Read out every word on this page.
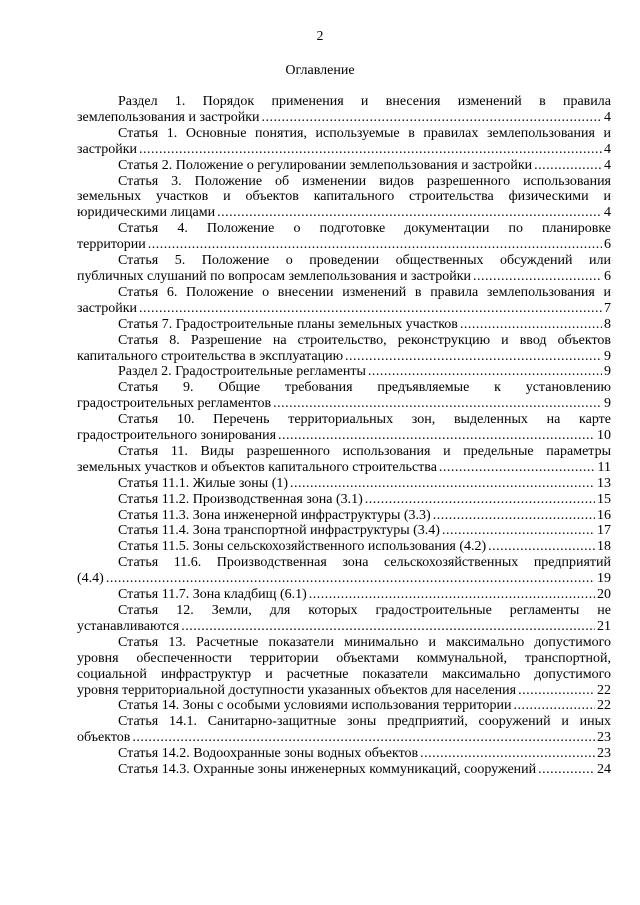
2
Оглавление
Раздел 1. Порядок применения и внесения изменений в правила
землепользования и застройки .....	4
Статья 1. Основные понятия, используемые в правилах землепользования и
застройки .....	4
Статья 2. Положение о регулировании землепользования и застройки .....	4
Статья 3. Положение об изменении видов разрешенного использования
земельных участков и объектов капитального строительства физическими и
юридическими лицами .....	4
Статья 4. Положение о подготовке документации по планировке
территории .....	6
Статья 5. Положение о проведении общественных обсуждений или
публичных слушаний по вопросам землепользования и застройки .....	6
Статья 6. Положение о внесении изменений в правила землепользования и
застройки .....	7
Статья 7. Градостроительные планы земельных участков .....	8
Статья 8. Разрешение на строительство, реконструкцию и ввод объектов
капитального строительства в эксплуатацию .....	9
Раздел 2. Градостроительные регламенты .....	9
Статья 9. Общие требования предъявляемые к установлению
градостроительных регламентов .....	9
Статья 10. Перечень территориальных зон, выделенных на карте
градостроительного зонирования .....	10
Статья 11. Виды разрешенного использования и предельные параметры
земельных участков и объектов капитального строительства .....	11
Статья 11.1. Жилые зоны (1) .....	13
Статья 11.2. Производственная зона (3.1) .....	15
Статья 11.3. Зона инженерной инфраструктуры (3.3) .....	16
Статья 11.4. Зона транспортной инфраструктуры (3.4) .....	17
Статья 11.5. Зоны сельскохозяйственного использования (4.2) .....	18
Статья 11.6. Производственная зона сельскохозяйственных предприятий
(4.4) .....	19
Статья 11.7. Зона кладбищ (6.1) .....	20
Статья 12. Земли, для которых градостроительные регламенты не
устанавливаются .....	21
Статья 13. Расчетные показатели минимально и максимально допустимого
уровня обеспеченности территории объектами коммунальной, транспортной,
социальной инфраструктур и расчетные показатели максимально допустимого
уровня территориальной доступности указанных объектов для населения .....	22
Статья 14. Зоны с особыми условиями использования территории .....	22
Статья 14.1. Санитарно-защитные зоны предприятий, сооружений и иных
объектов .....	23
Статья 14.2. Водоохранные зоны водных объектов .....	23
Статья 14.3. Охранные зоны инженерных коммуникаций, сооружений .....	24
